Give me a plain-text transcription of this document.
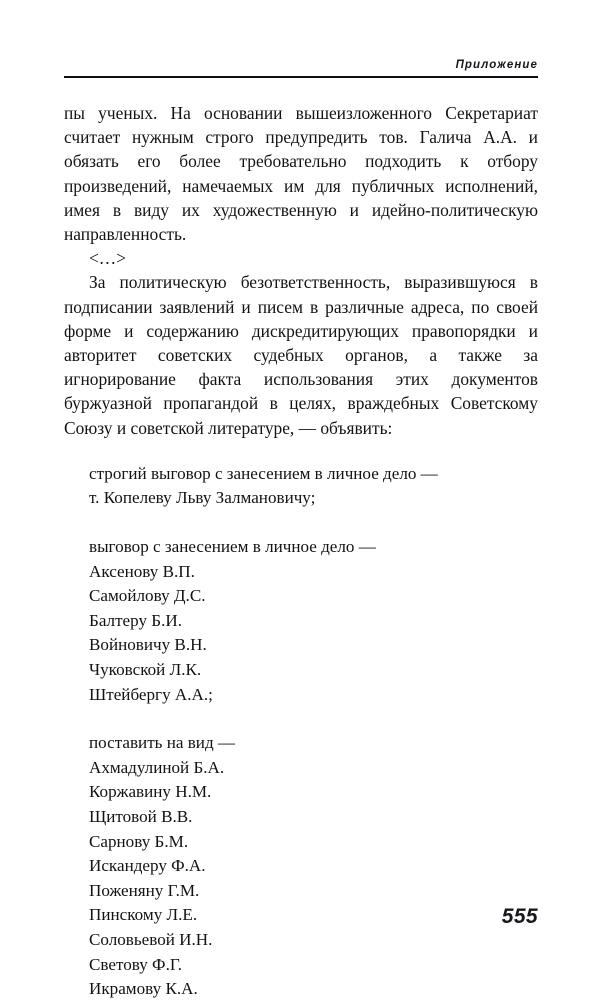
Приложение

пы ученых. На основании вышеизложенного Секретариат считает нужным строго предупредить тов. Галича А.А. и обязать его более требовательно подходить к отбору произведений, намечаемых им для публичных исполнений, имея в виду их художественную и идейно-политическую направленность.

<…>

За политическую безответственность, выразившуюся в подписании заявлений и писем в различные адреса, по своей форме и содержанию дискредитирующих правопорядки и авторитет советских судебных органов, а также за игнорирование факта использования этих документов буржуазной пропагандой в целях, враждебных Советскому Союзу и советской литературе, — объявить:

строгий выговор с занесением в личное дело —
т. Копелеву Льву Залмановичу;
выговор с занесением в личное дело —
Аксенову В.П.
Самойлову Д.С.
Балтеру Б.И.
Войновичу В.Н.
Чуковской Л.К.
Штейбергу А.А.;
поставить на вид —
Ахмадулиной Б.А.
Коржавину Н.М.
Щитовой В.В.
Сарнову Б.М.
Искандеру Ф.А.
Поженяну Г.М.
Пинскому Л.Е.
Соловьевой И.Н.
Светову Ф.Г.
Икрамову К.А.
555
